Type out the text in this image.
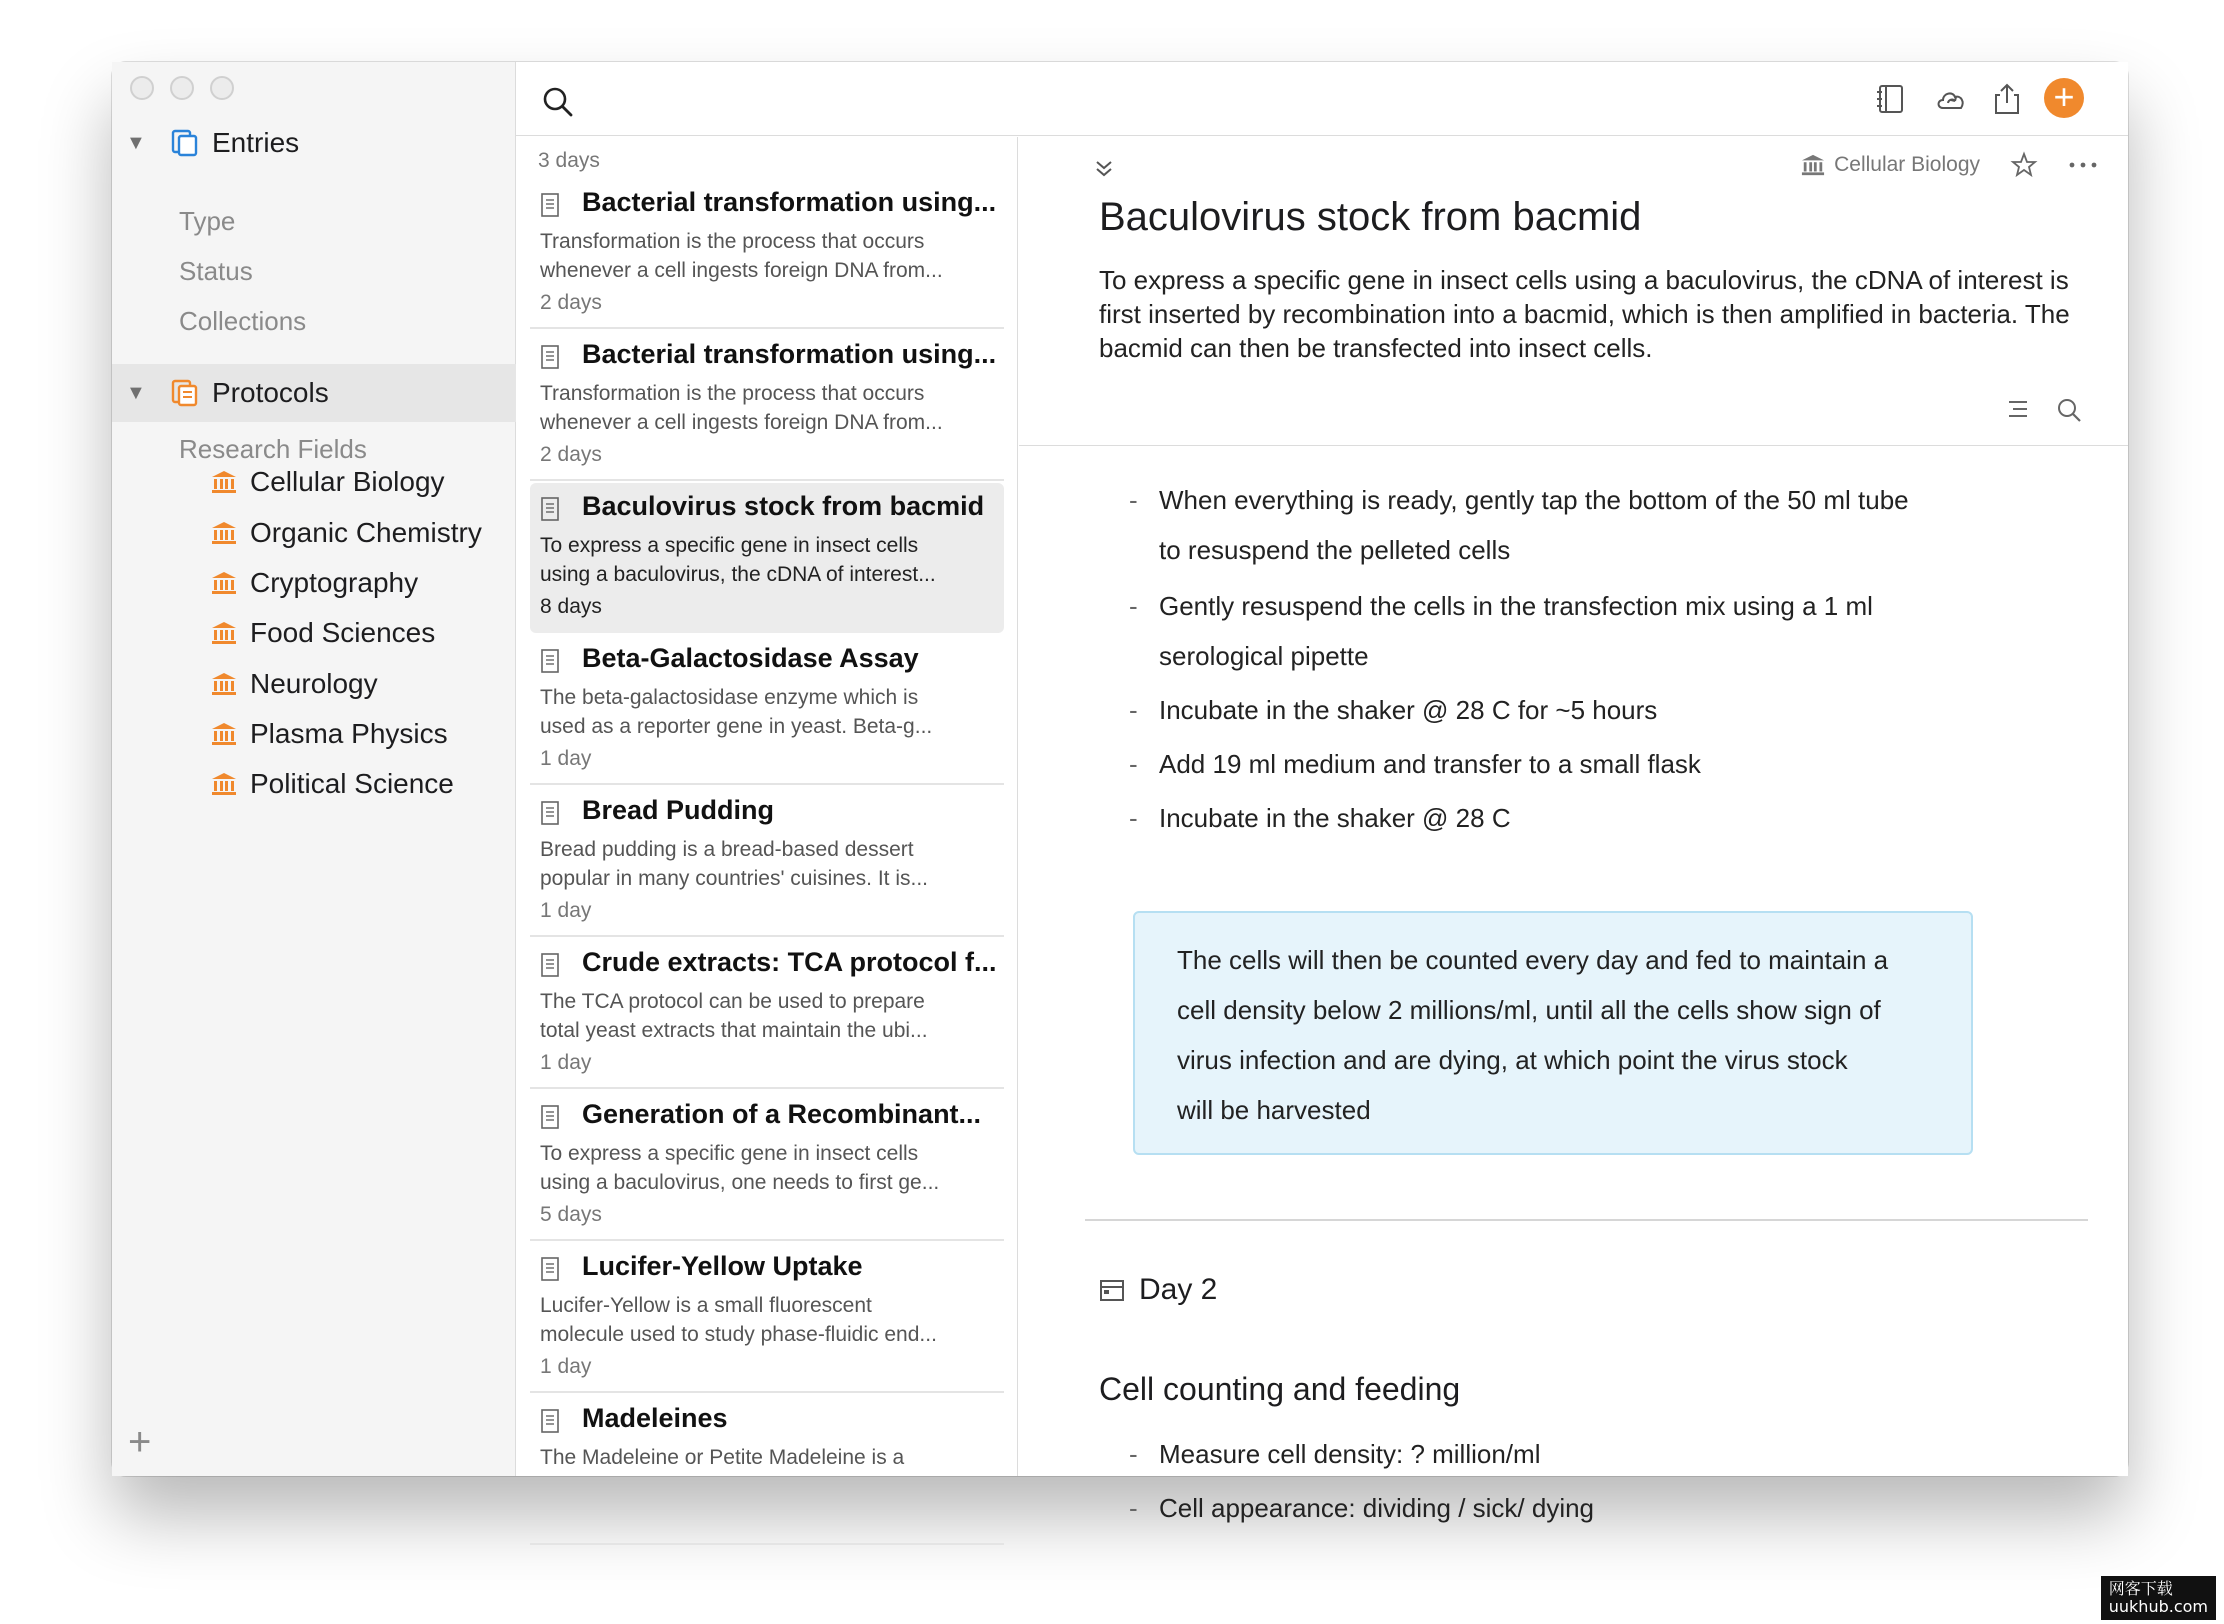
▼ Entries
Type
Status
Collections
▼ Protocols
Research Fields
Cellular Biology
Organic Chemistry
Cryptography
Food Sciences
Neurology
Plasma Physics
Political Science
+
+
3 days
Bacterial transformation using...
Transformation is the process that occurs
whenever a cell ingests foreign DNA from...
2 days
Bacterial transformation using...
Transformation is the process that occurs
whenever a cell ingests foreign DNA from...
2 days
Baculovirus stock from bacmid
To express a specific gene in insect cells
using a baculovirus, the cDNA of interest...
8 days
Beta-Galactosidase Assay
The beta-galactosidase enzyme which is
used as a reporter gene in yeast. Beta-g...
1 day
Bread Pudding
Bread pudding is a bread-based dessert
popular in many countries' cuisines. It is...
1 day
Crude extracts: TCA protocol f...
The TCA protocol can be used to prepare
total yeast extracts that maintain the ubi...
1 day
Generation of a Recombinant...
To express a specific gene in insect cells
using a baculovirus, one needs to first ge...
5 days
Lucifer-Yellow Uptake
Lucifer-Yellow is a small fluorescent
molecule used to study phase-fluidic end...
1 day
Madeleines
The Madeleine or Petite Madeleine is a
Cellular Biology
Baculovirus stock from bacmid
To express a specific gene in insect cells using a baculovirus, the cDNA of interest is first inserted by recombination into a bacmid, which is then amplified in bacteria. The bacmid can then be transfected into insect cells.
- When everything is ready, gently tap the bottom of the 50 ml tube
to resuspend the pelleted cells
- Gently resuspend the cells in the transfection mix using a 1 ml
serological pipette
- Incubate in the shaker @ 28 C for ~5 hours
- Add 19 ml medium and transfer to a small flask
- Incubate in the shaker @ 28 C
The cells will then be counted every day and fed to maintain a
cell density below 2 millions/ml, until all the cells show sign of
virus infection and are dying, at which point the virus stock
will be harvested
Day 2
Cell counting and feeding
- Measure cell density: ? million/ml
- Cell appearance: dividing / sick/ dying
网客下载
uukhub.com
